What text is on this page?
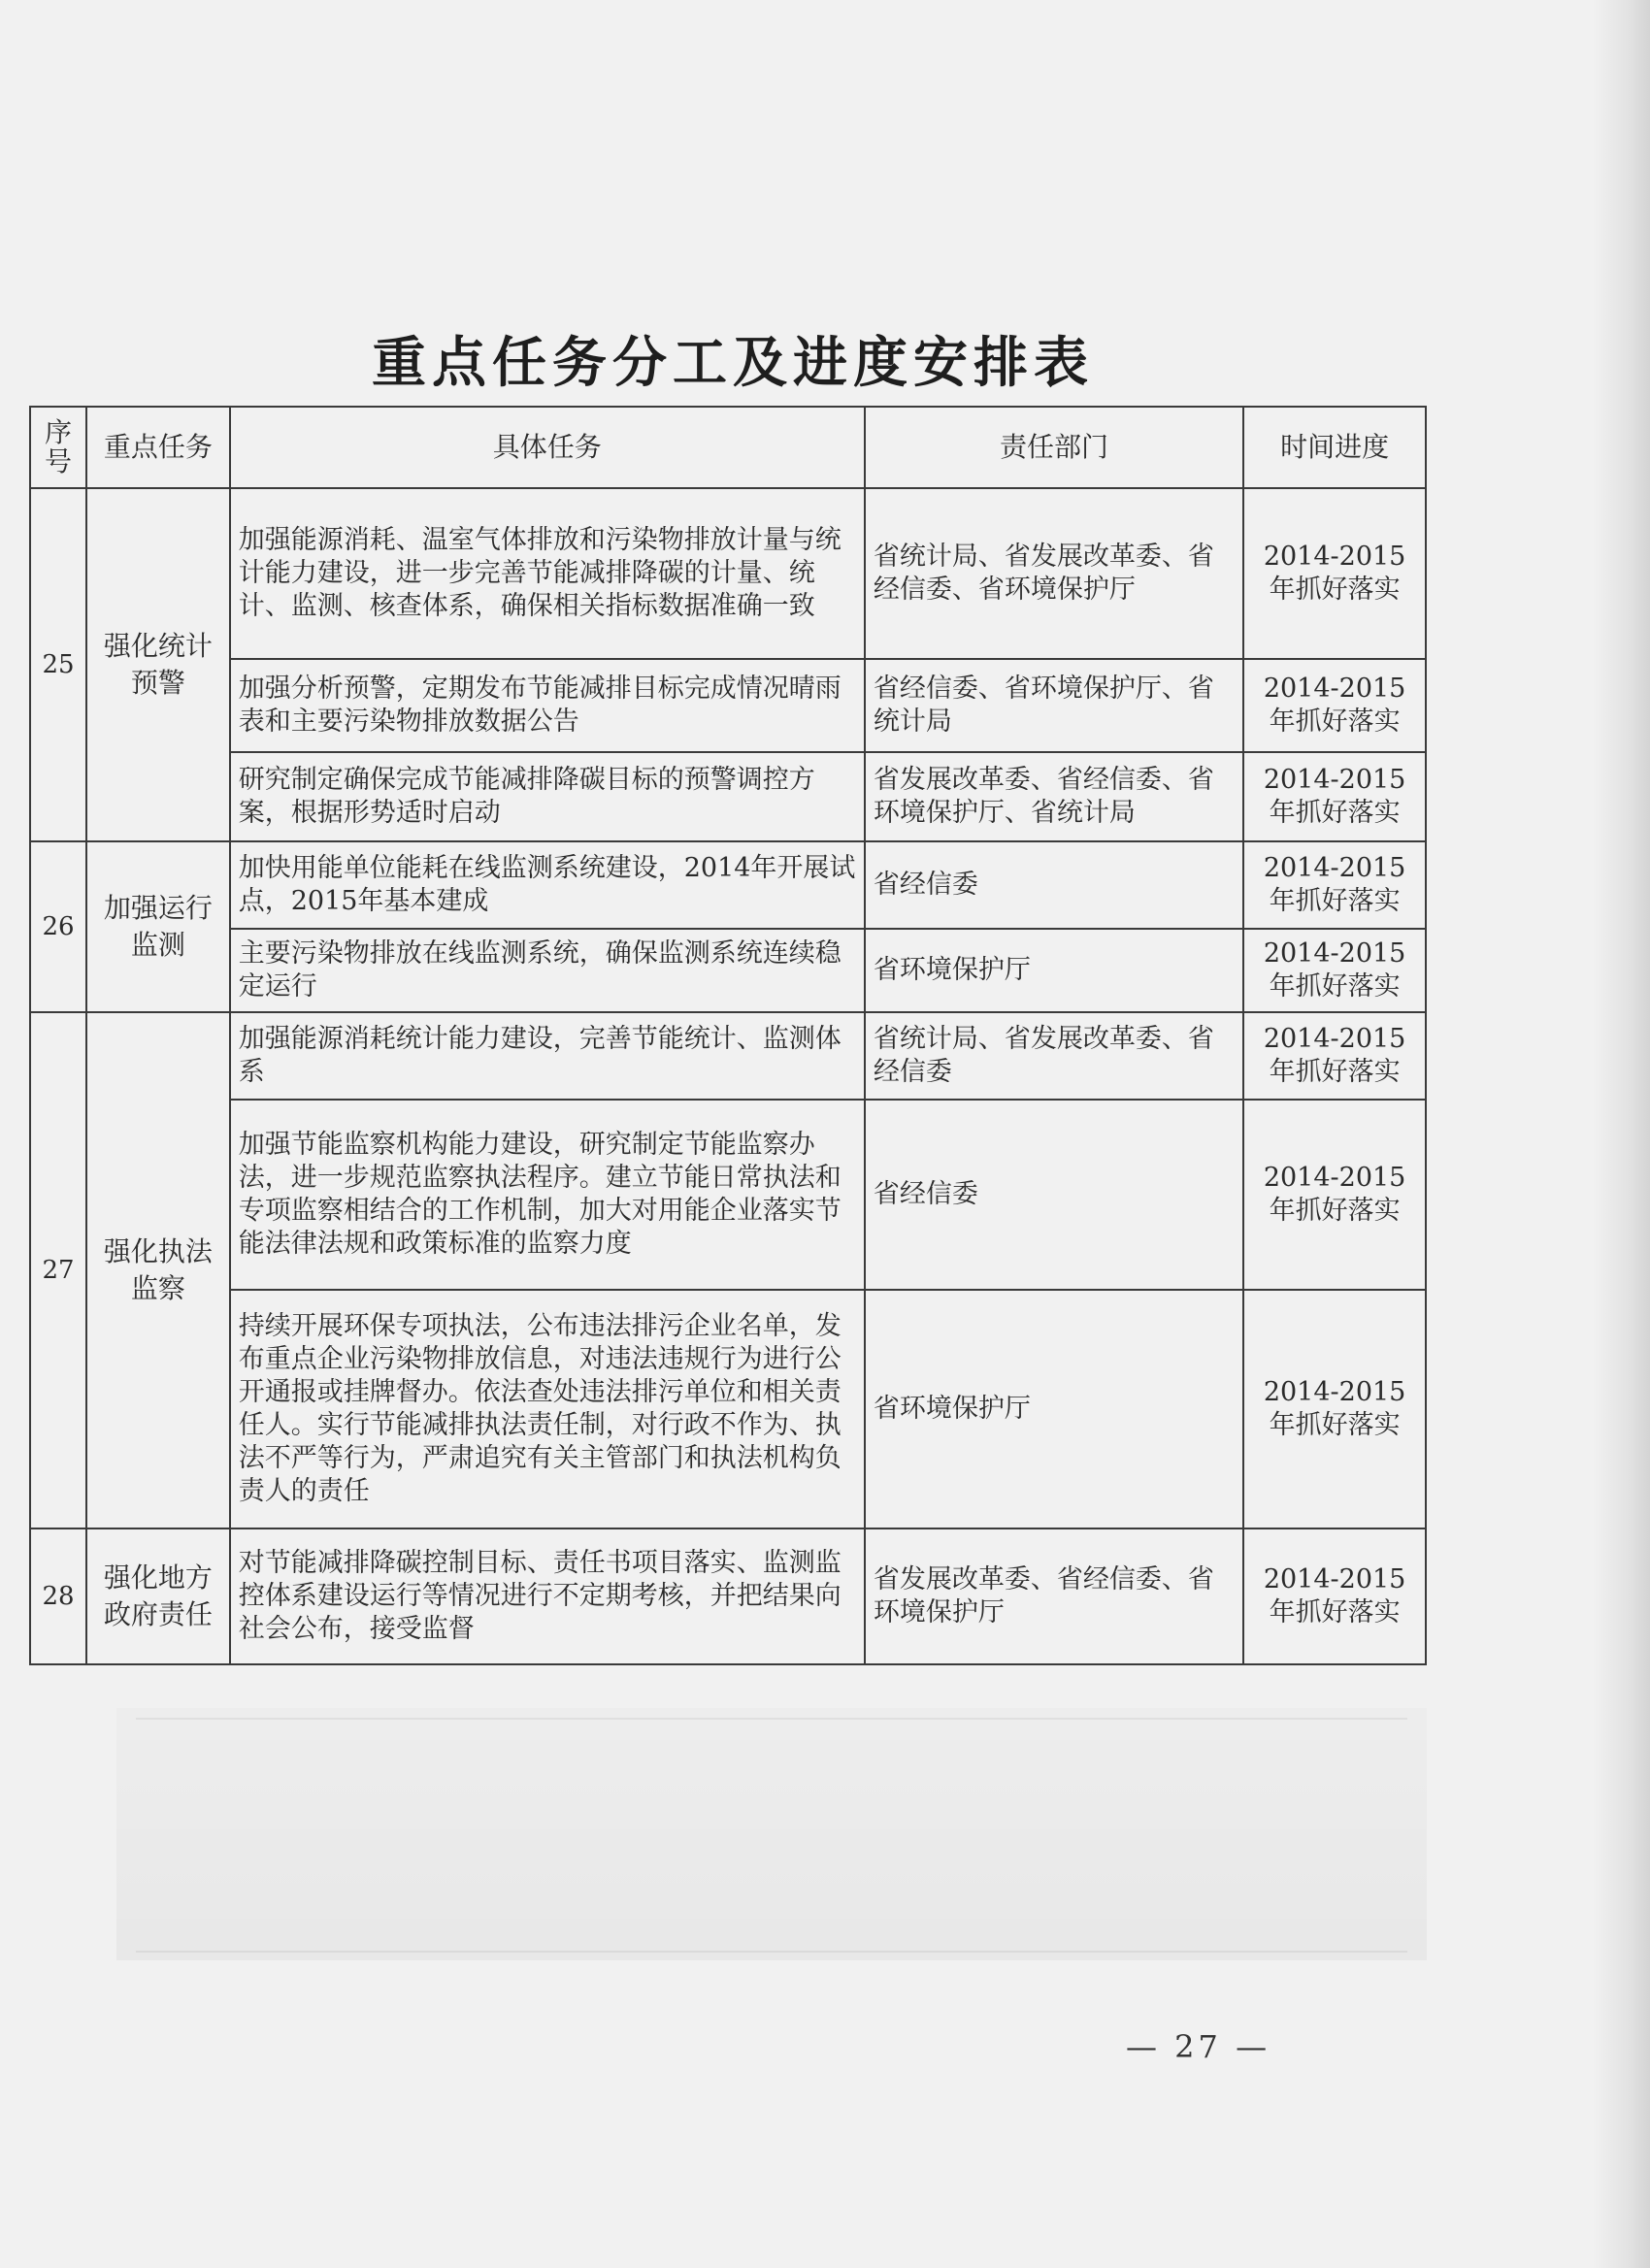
重点任务分工及进度安排表
序号	重点任务	具体任务	责任部门	时间进度
25	强化统计预警	加强能源消耗、温室气体排放和污染物排放计量与统计能力建设，进一步完善节能减排降碳的计量、统计、监测、核查体系，确保相关指标数据准确一致	省统计局、省发展改革委、省经信委、省环境保护厅	2014-2015年抓好落实
		加强分析预警，定期发布节能减排目标完成情况晴雨表和主要污染物排放数据公告	省经信委、省环境保护厅、省统计局	2014-2015年抓好落实
		研究制定确保完成节能减排降碳目标的预警调控方案，根据形势适时启动	省发展改革委、省经信委、省环境保护厅、省统计局	2014-2015年抓好落实
26	加强运行监测	加快用能单位能耗在线监测系统建设，2014年开展试点，2015年基本建成	省经信委	2014-2015年抓好落实
		主要污染物排放在线监测系统，确保监测系统连续稳定运行	省环境保护厅	2014-2015年抓好落实
27	强化执法监察	加强能源消耗统计能力建设，完善节能统计、监测体系	省统计局、省发展改革委、省经信委	2014-2015年抓好落实
		加强节能监察机构能力建设，研究制定节能监察办法，进一步规范监察执法程序。建立节能日常执法和专项监察相结合的工作机制，加大对用能企业落实节能法律法规和政策标准的监察力度	省经信委	2014-2015年抓好落实
		持续开展环保专项执法，公布违法排污企业名单，发布重点企业污染物排放信息，对违法违规行为进行公开通报或挂牌督办。依法查处违法排污单位和相关责任人。实行节能减排执法责任制，对行政不作为、执法不严等行为，严肃追究有关主管部门和执法机构负责人的责任	省环境保护厅	2014-2015年抓好落实
28	强化地方政府责任	对节能减排降碳控制目标、责任书项目落实、监测监控体系建设运行等情况进行不定期考核，并把结果向社会公布，接受监督	省发展改革委、省经信委、省环境保护厅	2014-2015年抓好落实
— 27 —
